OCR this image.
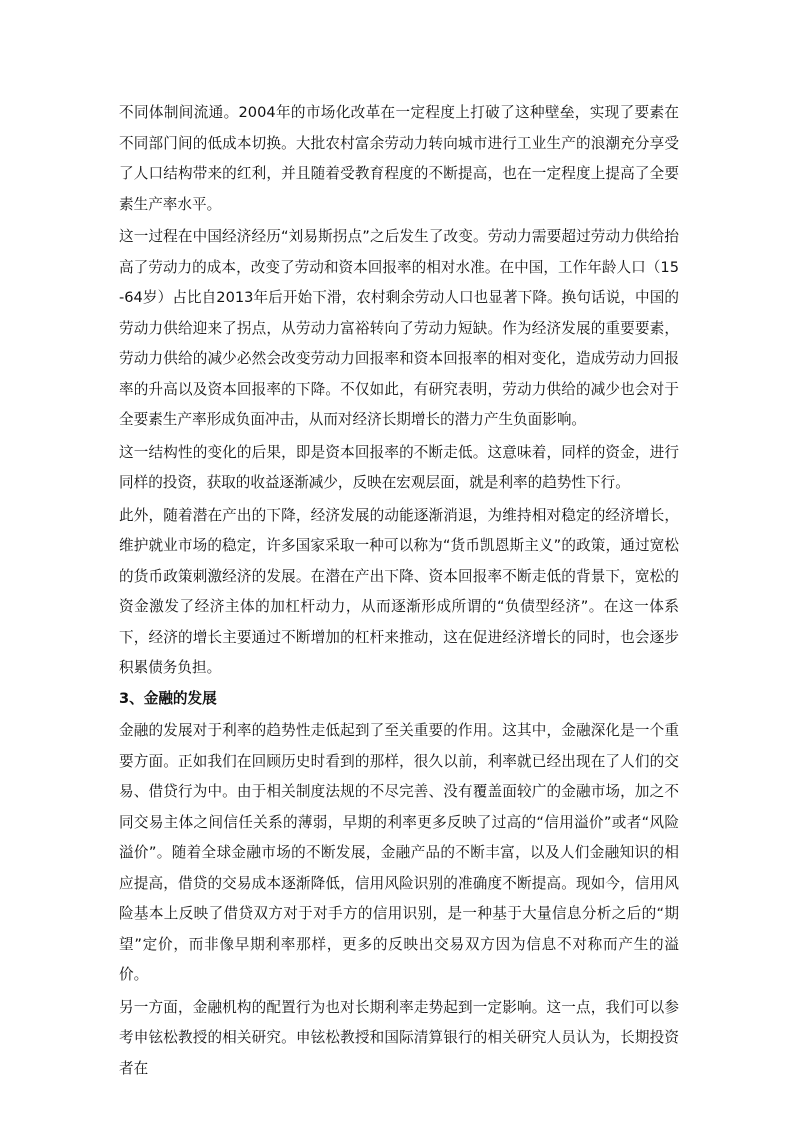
不同体制间流通。2004年的市场化改革在一定程度上打破了这种壁垒，实现了要素在不同部门间的低成本切换。大批农村富余劳动力转向城市进行工业生产的浪潮充分享受了人口结构带来的红利，并且随着受教育程度的不断提高，也在一定程度上提高了全要素生产率水平。

这一过程在中国经济经历“刘易斯拐点”之后发生了改变。劳动力需要超过劳动力供给抬高了劳动力的成本，改变了劳动和资本回报率的相对水准。在中国，工作年龄人口（15-64岁）占比自2013年后开始下滑，农村剩余劳动人口也显著下降。换句话说，中国的劳动力供给迎来了拐点，从劳动力富裕转向了劳动力短缺。作为经济发展的重要要素，劳动力供给的减少必然会改变劳动力回报率和资本回报率的相对变化，造成劳动力回报率的升高以及资本回报率的下降。不仅如此，有研究表明，劳动力供给的减少也会对于全要素生产率形成负面冲击，从而对经济长期增长的潜力产生负面影响。

这一结构性的变化的后果，即是资本回报率的不断走低。这意味着，同样的资金，进行同样的投资，获取的收益逐渐减少，反映在宏观层面，就是利率的趋势性下行。

此外，随着潜在产出的下降，经济发展的动能逐渐消退，为维持相对稳定的经济增长，维护就业市场的稳定，许多国家采取一种可以称为“货币凯恩斯主义”的政策，通过宽松的货币政策刺激经济的发展。在潜在产出下降、资本回报率不断走低的背景下，宽松的资金激发了经济主体的加杠杆动力，从而逐渐形成所谓的“负债型经济”。在这一体系下，经济的增长主要通过不断增加的杠杆来推动，这在促进经济增长的同时，也会逐步积累债务负担。

3、金融的发展

金融的发展对于利率的趋势性走低起到了至关重要的作用。这其中，金融深化是一个重要方面。正如我们在回顾历史时看到的那样，很久以前，利率就已经出现在了人们的交易、借贷行为中。由于相关制度法规的不尽完善、没有覆盖面较广的金融市场，加之不同交易主体之间信任关系的薄弱，早期的利率更多反映了过高的“信用溢价”或者“风险溢价”。随着全球金融市场的不断发展，金融产品的不断丰富，以及人们金融知识的相应提高，借贷的交易成本逐渐降低，信用风险识别的准确度不断提高。现如今，信用风险基本上反映了借贷双方对于对手方的信用识别，是一种基于大量信息分析之后的“期望”定价，而非像早期利率那样，更多的反映出交易双方因为信息不对称而产生的溢价。

另一方面，金融机构的配置行为也对长期利率走势起到一定影响。这一点，我们可以参考申铉松教授的相关研究。申铉松教授和国际清算银行的相关研究人员认为，长期投资者在
